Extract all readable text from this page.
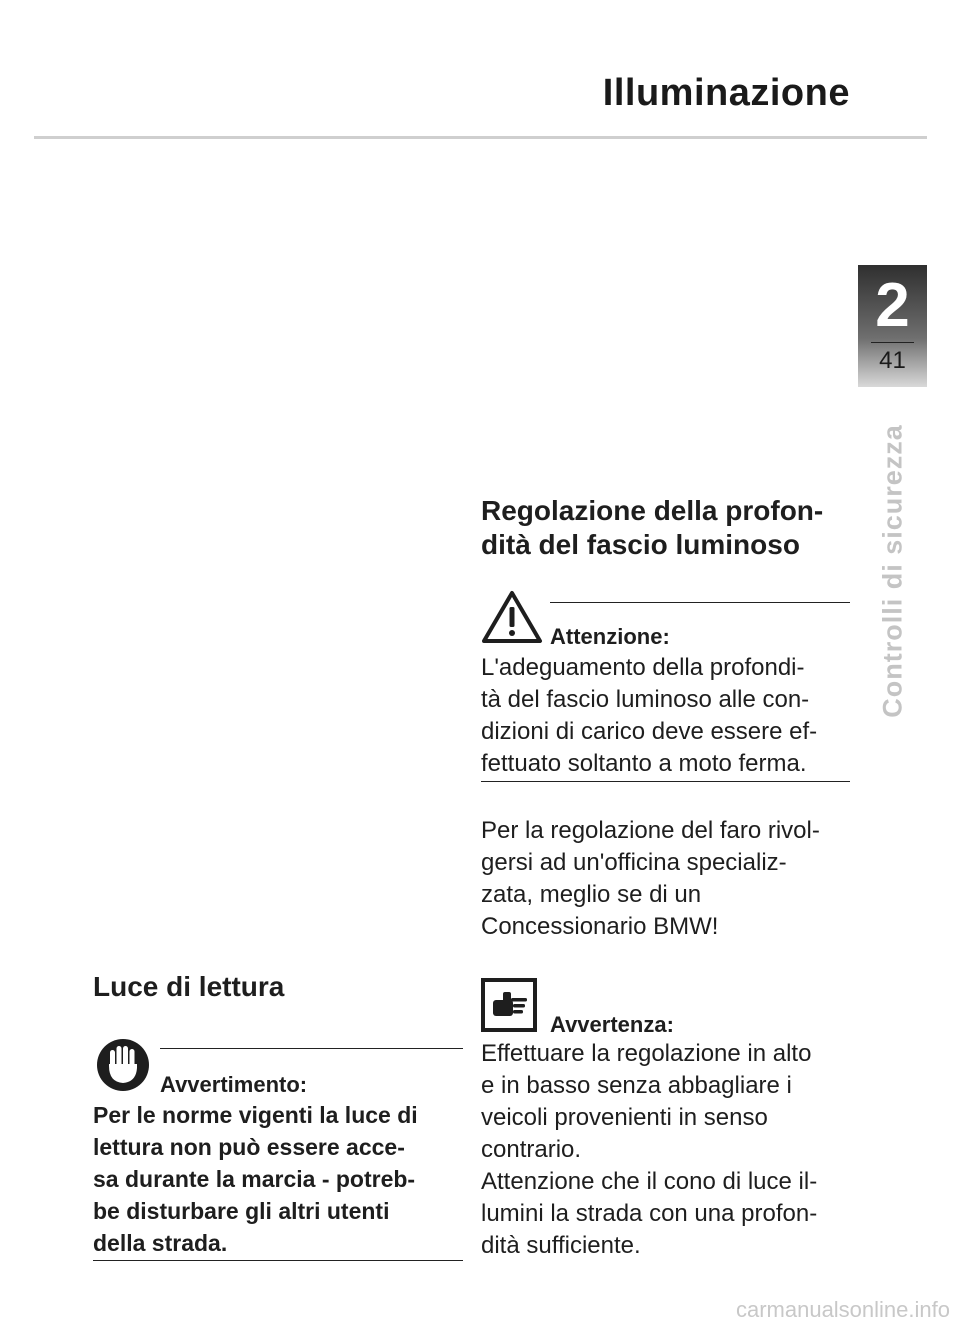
Illuminazione
2
41
Controlli di sicurezza
Luce di lettura
Avvertimento:
Per le norme vigenti la luce di
lettura non può essere acce-
sa durante la marcia - potreb-
be disturbare gli altri utenti
della strada.
Regolazione della profon-
dità del fascio luminoso
Attenzione:
L'adeguamento della profondi-
tà del fascio luminoso alle con-
dizioni di carico deve essere ef-
fettuato soltanto a moto ferma.
Per la regolazione del faro rivol-
gersi ad un'officina specializ-
zata, meglio se di un
Concessionario BMW!
Avvertenza:
Effettuare la regolazione in alto
e in basso senza abbagliare i
veicoli provenienti in senso
contrario.
Attenzione che il cono di luce il-
lumini la strada con una profon-
dità sufficiente.
carmanualsonline.info
